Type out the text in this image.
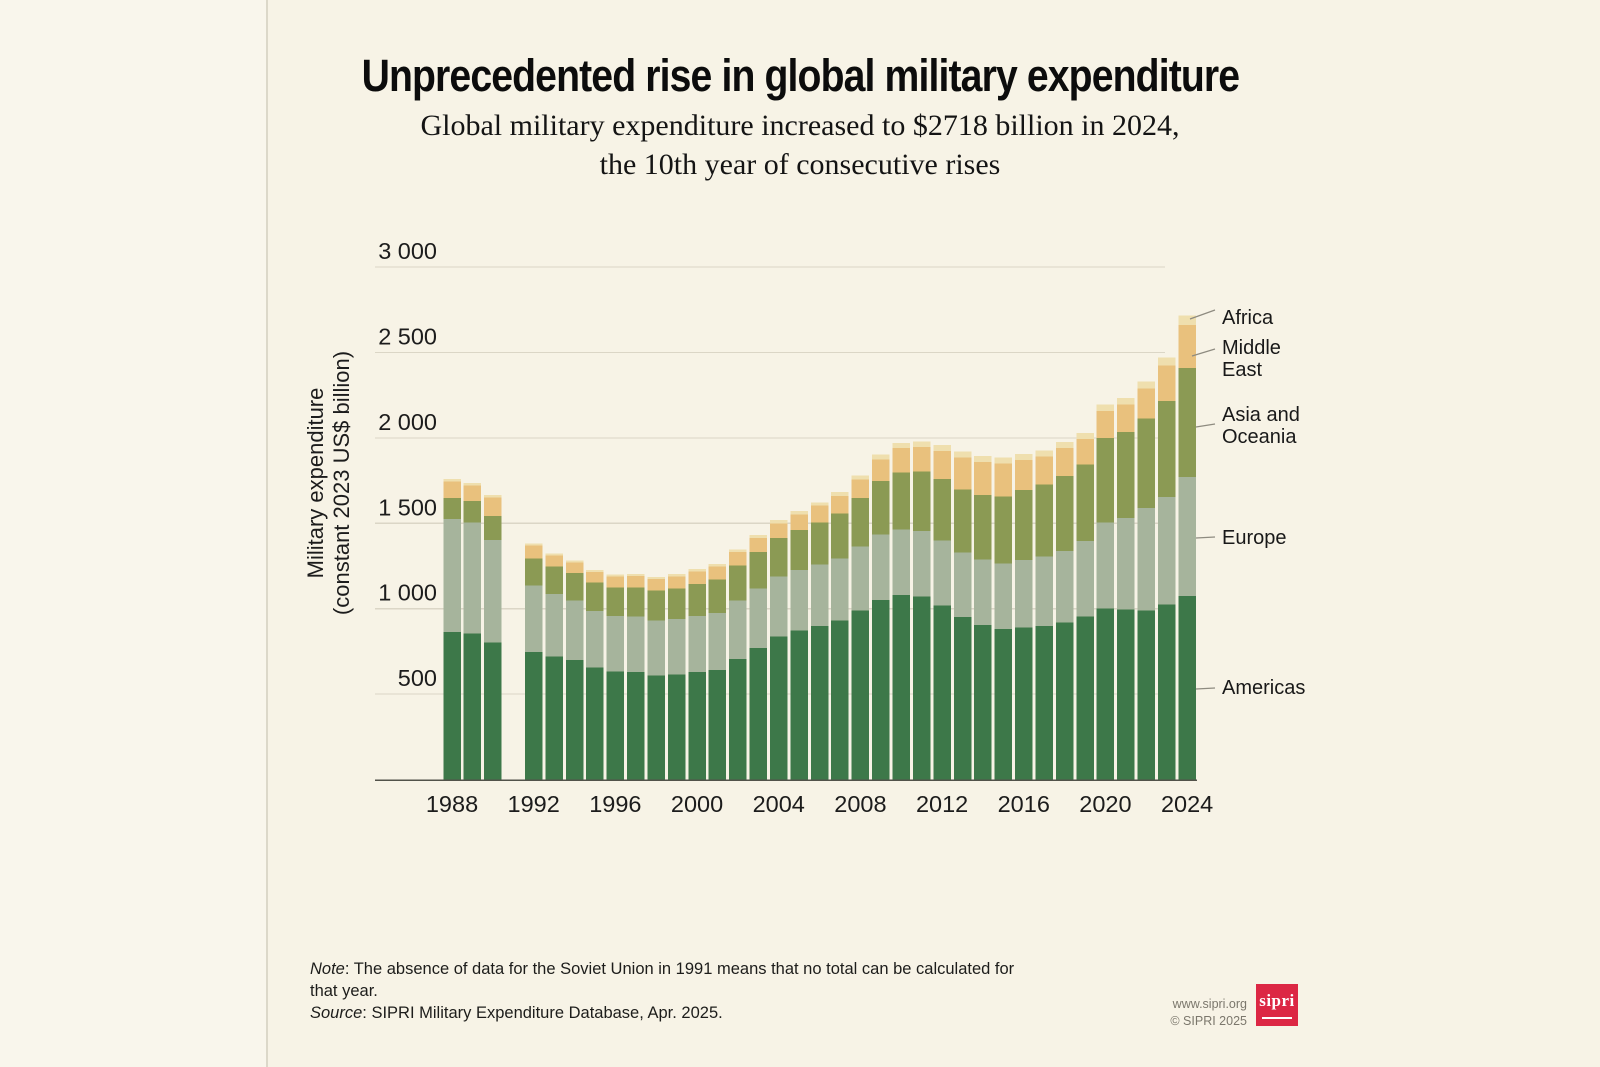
Unprecedented rise in global military expenditure
Global military expenditure increased to $2718 billion in 2024,
the 10th year of consecutive rises
500
1 000
1 500
2 000
2 500
3 000
1988 1992 1996 2000 2004 2008 2012 2016 2020 2024
Military expenditure (constant 2023 US$ billion)
Africa
Middle East
Asia and Oceania
Europe
Americas
Note: The absence of data for the Soviet Union in 1991 means that no total can be calculated for that year.
Source: SIPRI Military Expenditure Database, Apr. 2025.	www.sipri.org
© SIPRI 2025
sipri
